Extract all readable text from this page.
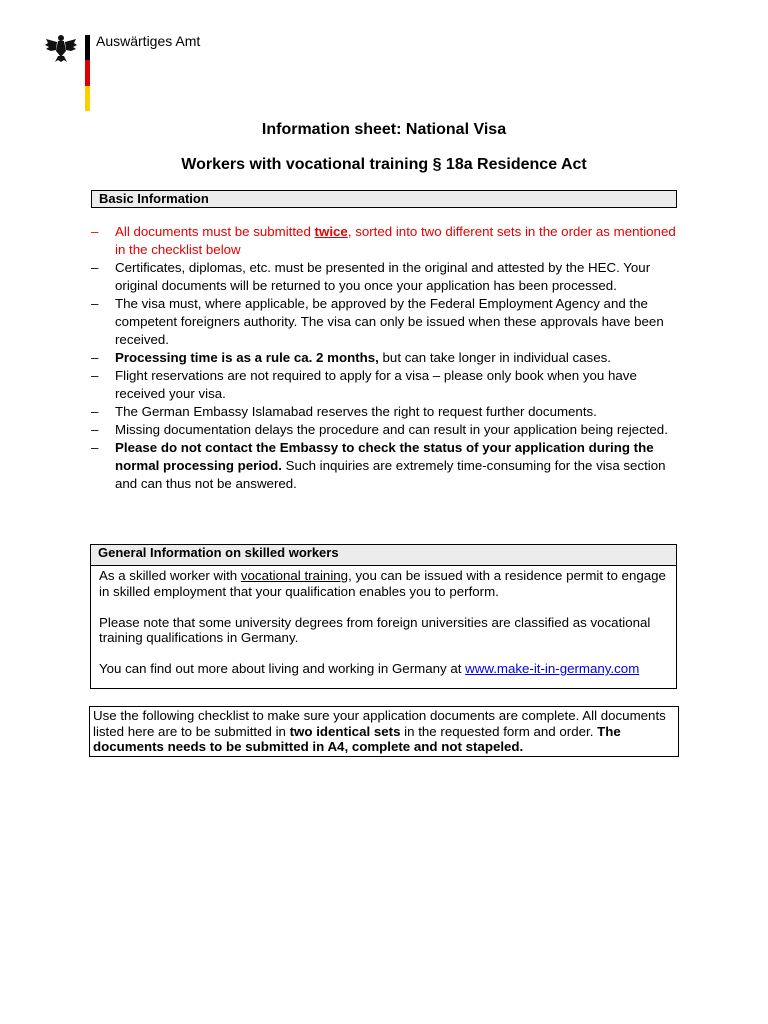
Auswärtiges Amt
Information sheet: National Visa
Workers with vocational training § 18a Residence Act
Basic Information
– All documents must be submitted twice, sorted into two different sets in the order as mentioned in the checklist below
– Certificates, diplomas, etc. must be presented in the original and attested by the HEC. Your original documents will be returned to you once your application has been processed.
– The visa must, where applicable, be approved by the Federal Employment Agency and the competent foreigners authority. The visa can only be issued when these approvals have been received.
– Processing time is as a rule ca. 2 months, but can take longer in individual cases.
– Flight reservations are not required to apply for a visa – please only book when you have received your visa.
– The German Embassy Islamabad reserves the right to request further documents.
– Missing documentation delays the procedure and can result in your application being rejected.
– Please do not contact the Embassy to check the status of your application during the normal processing period. Such inquiries are extremely time-consuming for the visa section and can thus not be answered.
General Information on skilled workers

As a skilled worker with vocational training, you can be issued with a residence permit to engage in skilled employment that your qualification enables you to perform.

Please note that some university degrees from foreign universities are classified as vocational training qualifications in Germany.

You can find out more about living and working in Germany at www.make-it-in-germany.com

Use the following checklist to make sure your application documents are complete. All documents listed here are to be submitted in two identical sets in the requested form and order. The documents needs to be submitted in A4, complete and not stapeled.
